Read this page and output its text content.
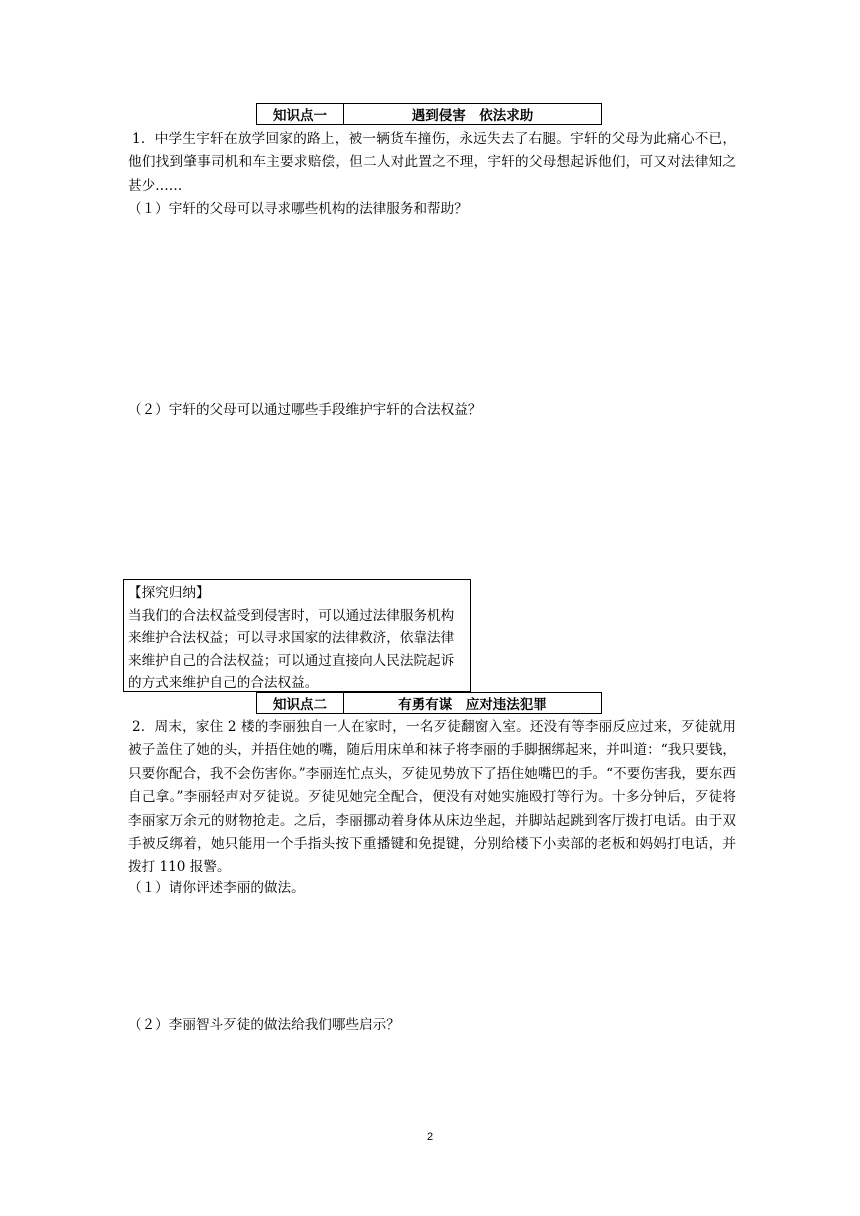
知识点一	遇到侵害　依法求助
1．中学生宇轩在放学回家的路上，被一辆货车撞伤，永远失去了右腿。宇轩的父母为此痛心不已，他们找到肇事司机和车主要求赔偿，但二人对此置之不理，宇轩的父母想起诉他们，可又对法律知之甚少……
（１）宇轩的父母可以寻求哪些机构的法律服务和帮助？
（２）宇轩的父母可以通过哪些手段维护宇轩的合法权益？
【探究归纳】
当我们的合法权益受到侵害时，可以通过法律服务机构来维护合法权益；可以寻求国家的法律救济，依靠法律来维护自己的合法权益；可以通过直接向人民法院起诉的方式来维护自己的合法权益。
知识点二	有勇有谋　应对违法犯罪
2．周末，家住 2 楼的李丽独自一人在家时，一名歹徒翻窗入室。还没有等李丽反应过来，歹徒就用被子盖住了她的头，并捂住她的嘴，随后用床单和袜子将李丽的手脚捆绑起来，并叫道：“我只要钱，只要你配合，我不会伤害你。”李丽连忙点头，歹徒见势放下了捂住她嘴巴的手。“不要伤害我，要东西自己拿。”李丽轻声对歹徒说。歹徒见她完全配合，便没有对她实施殴打等行为。十多分钟后，歹徒将李丽家万余元的财物抢走。之后，李丽挪动着身体从床边坐起，并脚站起跳到客厅拨打电话。由于双手被反绑着，她只能用一个手指头按下重播键和免提键，分别给楼下小卖部的老板和妈妈打电话，并拨打 110 报警。
（１）请你评述李丽的做法。
（２）李丽智斗歹徒的做法给我们哪些启示？
2
